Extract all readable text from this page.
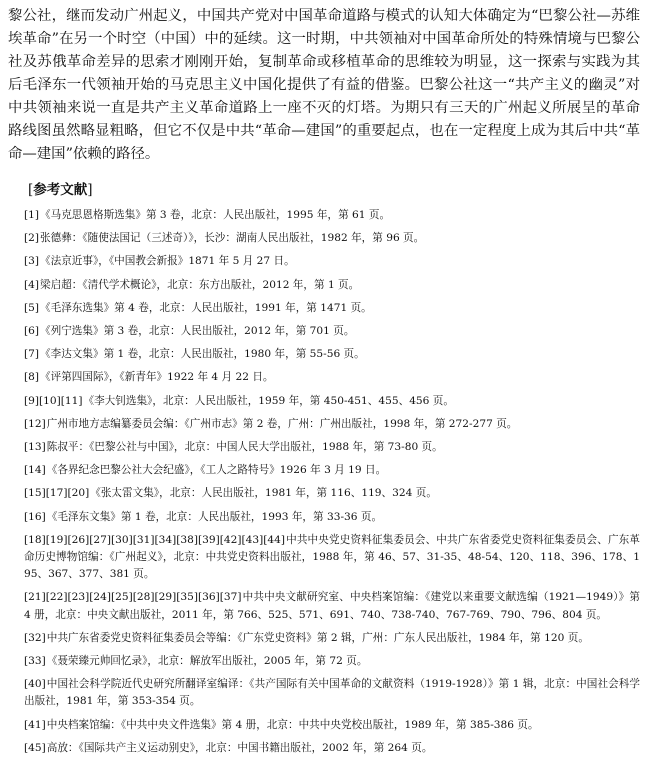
黎公社，继而发动广州起义，中国共产党对中国革命道路与模式的认知大体确定为“巴黎公社—苏维埃革命”在另一个时空（中国）中的延续。这一时期，中共领袖对中国革命所处的特殊情境与巴黎公社及苏俄革命差异的思索才刚刚开始，复制革命或移植革命的思维较为明显，这一探索与实践为其后毛泽东一代领袖开始的马克思主义中国化提供了有益的借鉴。巴黎公社这一“共产主义的幽灵”对中共领袖来说一直是共产主义革命道路上一座不灭的灯塔。为期只有三天的广州起义所展呈的革命路线图虽然略显粗略，但它不仅是中共“革命—建国”的重要起点，也在一定程度上成为其后中共“革命—建国”依赖的路径。

[参考文献]
[1]《马克思恩格斯选集》第 3 卷，北京：人民出版社，1995 年，第 61 页。
[2]张德彝：《随使法国记（三述奇）》，长沙：湖南人民出版社，1982 年，第 96 页。
[3]《法京近事》，《中国教会新报》1871 年 5 月 27 日。
[4]梁启超：《清代学术概论》，北京：东方出版社，2012 年，第 1 页。
[5]《毛泽东选集》第 4 卷，北京：人民出版社，1991 年，第 1471 页。
[6]《列宁选集》第 3 卷，北京：人民出版社，2012 年，第 701 页。
[7]《李达文集》第 1 卷，北京：人民出版社，1980 年，第 55-56 页。
[8]《评第四国际》，《新青年》1922 年 4 月 22 日。
[9][10][11]《李大钊选集》，北京：人民出版社，1959 年，第 450-451、455、456 页。
[12]广州市地方志编纂委员会编：《广州市志》第 2 卷，广州：广州出版社，1998 年，第 272-277 页。
[13]陈叔平：《巴黎公社与中国》，北京：中国人民大学出版社，1988 年，第 73-80 页。
[14]《各界纪念巴黎公社大会纪盛》，《工人之路特号》1926 年 3 月 19 日。
[15][17][20]《张太雷文集》，北京：人民出版社，1981 年，第 116、119、324 页。
[16]《毛泽东文集》第 1 卷，北京：人民出版社，1993 年，第 33-36 页。
[18][19][26][27][30][31][34][38][39][42][43][44]中共中央党史资料征集委员会、中共广东省委党史资料征集委员会、广东革命历史博物馆编：《广州起义》，北京：中共党史资料出版社，1988 年，第 46、57、31-35、48-54、120、118、396、178、195、367、377、381 页。
[21][22][23][24][25][28][29][35][36][37]中共中央文献研究室、中央档案馆编：《建党以来重要文献选编（1921—1949）》第 4 册，北京：中央文献出版社，2011 年，第 766、525、571、691、740、738-740、767-769、790、796、804 页。
[32]中共广东省委党史资料征集委员会等编：《广东党史资料》第 2 辑，广州：广东人民出版社，1984 年，第 120 页。
[33]《聂荣臻元帅回忆录》，北京：解放军出版社，2005 年，第 72 页。
[40]中国社会科学院近代史研究所翻译室编译：《共产国际有关中国革命的文献资料（1919-1928）》第 1 辑，北京：中国社会科学出版社，1981 年，第 353-354 页。
[41]中央档案馆编：《中共中央文件选集》第 4 册，北京：中共中央党校出版社，1989 年，第 385-386 页。
[45]高放：《国际共产主义运动别史》，北京：中国书籍出版社，2002 年，第 264 页。
